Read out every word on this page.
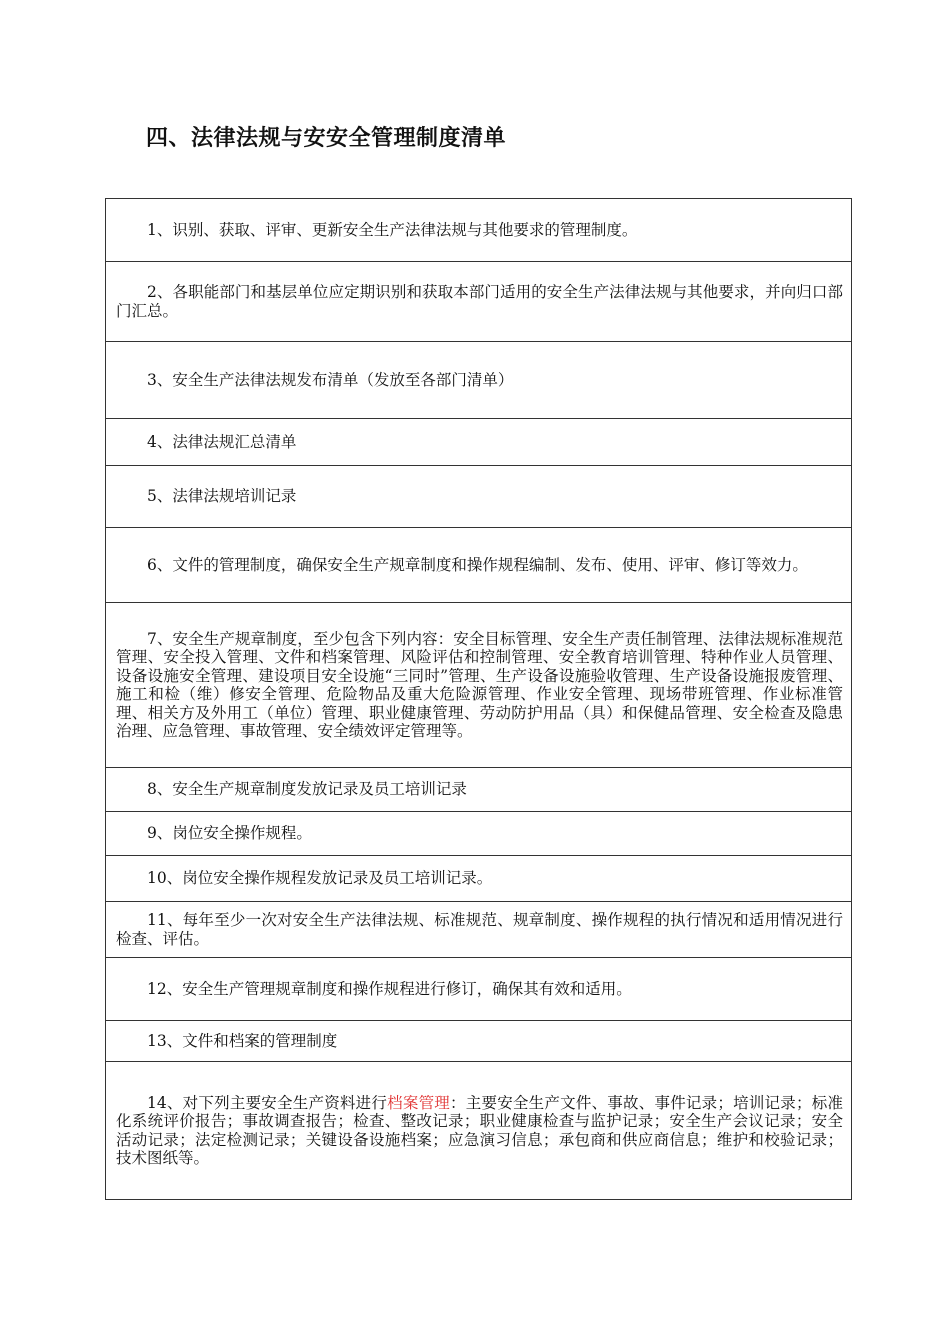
四、法律法规与安安全管理制度清单
1、识别、获取、评审、更新安全生产法律法规与其他要求的管理制度。

2、各职能部门和基层单位应定期识别和获取本部门适用的安全生产法律法规与其他要求，并向归口部门汇总。

3、安全生产法律法规发布清单（发放至各部门清单）

4、法律法规汇总清单

5、法律法规培训记录

6、文件的管理制度，确保安全生产规章制度和操作规程编制、发布、使用、评审、修订等效力。

7、安全生产规章制度，至少包含下列内容：安全目标管理、安全生产责任制管理、法律法规标准规范管理、安全投入管理、文件和档案管理、风险评估和控制管理、安全教育培训管理、特种作业人员管理、设备设施安全管理、建设项目安全设施“三同时”管理、生产设备设施验收管理、生产设备设施报废管理、施工和检（维）修安全管理、危险物品及重大危险源管理、作业安全管理、现场带班管理、作业标准管理、相关方及外用工（单位）管理、职业健康管理、劳动防护用品（具）和保健品管理、安全检查及隐患治理、应急管理、事故管理、安全绩效评定管理等。

8、安全生产规章制度发放记录及员工培训记录

9、岗位安全操作规程。

10、岗位安全操作规程发放记录及员工培训记录。

11、每年至少一次对安全生产法律法规、标准规范、规章制度、操作规程的执行情况和适用情况进行检查、评估。

12、安全生产管理规章制度和操作规程进行修订，确保其有效和适用。

13、文件和档案的管理制度

14、对下列主要安全生产资料进行档案管理：主要安全生产文件、事故、事件记录；培训记录；标准化系统评价报告；事故调查报告；检查、整改记录；职业健康检查与监护记录；安全生产会议记录；安全活动记录；法定检测记录；关键设备设施档案；应急演习信息；承包商和供应商信息；维护和校验记录；技术图纸等。
